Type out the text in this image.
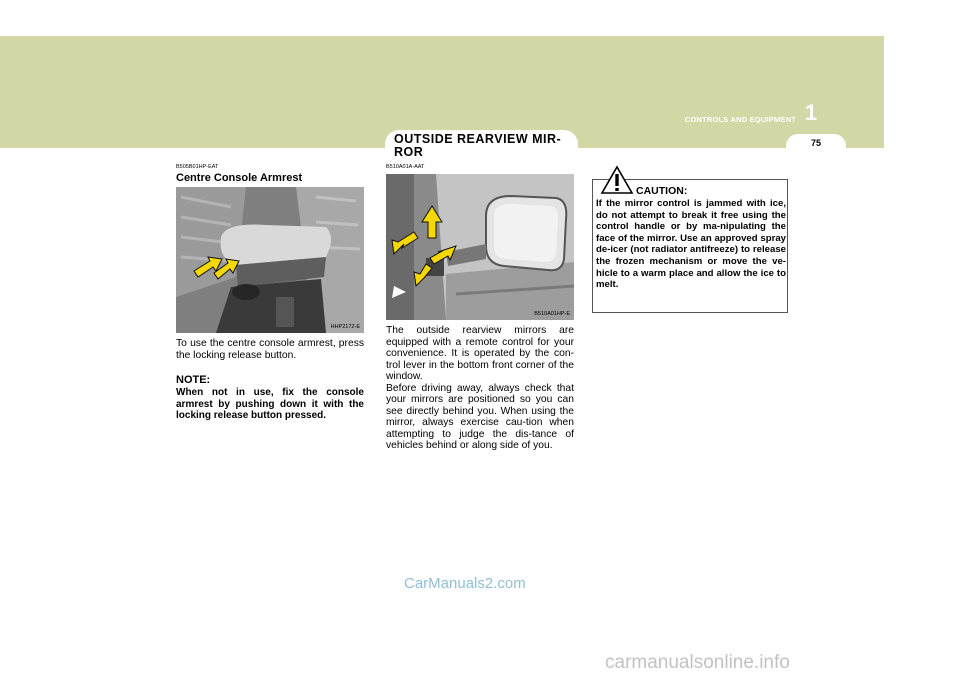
CONTROLS AND EQUIPMENT 1
75
B505B01HP-EAT
Centre Console Armrest
HHP2172-E
To use the centre console armrest, press the locking release button.
NOTE:
When not in use, fix the console armrest by pushing down it with the locking release button pressed.
OUTSIDE REARVIEW MIR-ROR
B510A01A-AAT
B510A01HP-E
The outside rearview mirrors are equipped with a remote control for your convenience. It is operated by the con-trol lever in the bottom front corner of the window.
Before driving away, always check that your mirrors are positioned so you can see directly behind you. When using the mirror, always exercise cau-tion when attempting to judge the dis-tance of vehicles behind or along side of you.
CAUTION:
If the mirror control is jammed with ice, do not attempt to break it free using the control handle or by ma-nipulating the face of the mirror. Use an approved spray de-icer (not radiator antifreeze) to release the frozen mechanism or move the ve-hicle to a warm place and allow the ice to melt.
CarManuals2.com
carmanualsonline.info
